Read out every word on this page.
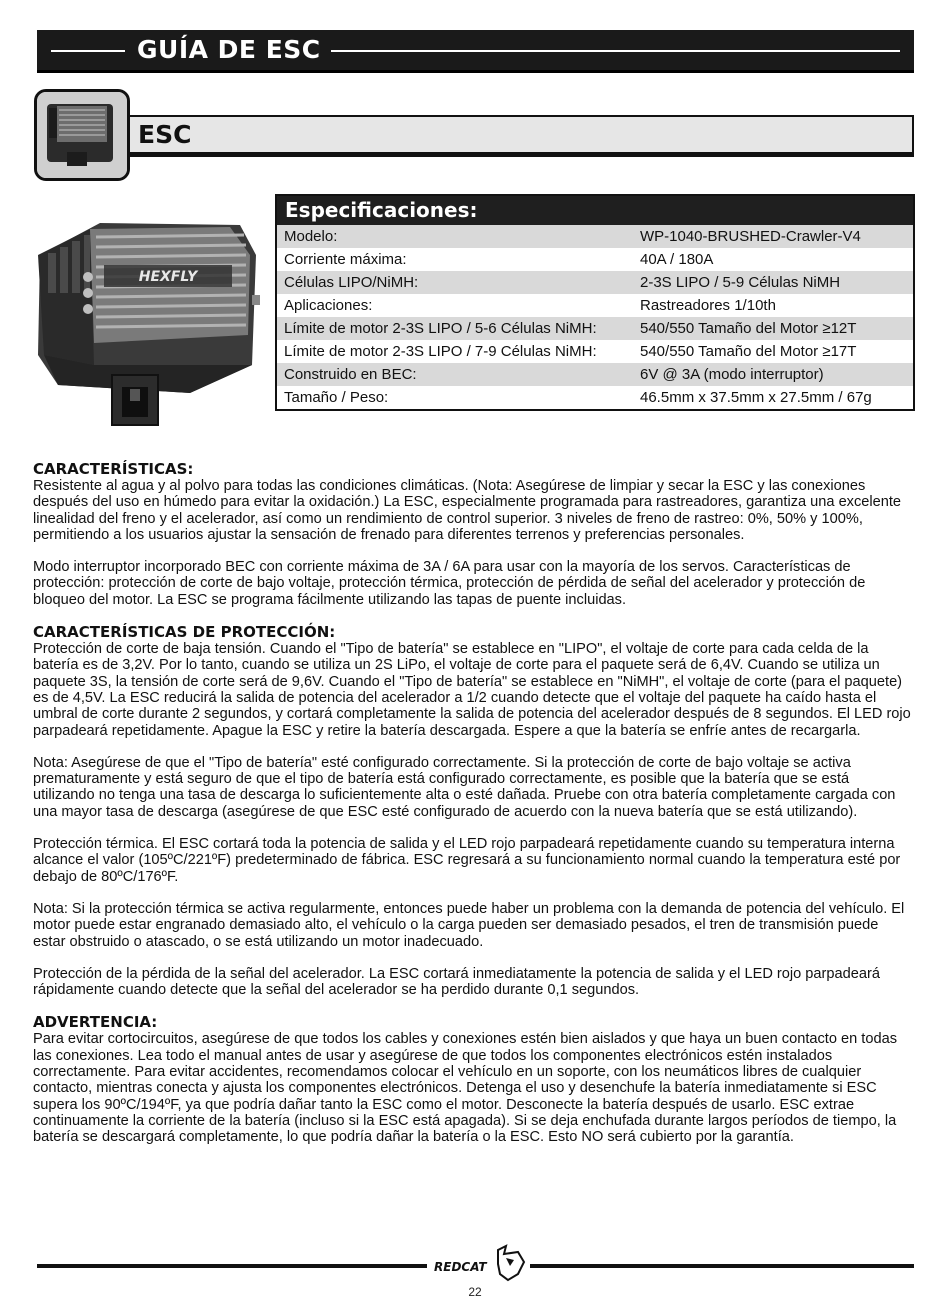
GUÍA DE ESC
ESC
HEXFLY
Especificaciones:
Modelo:	WP-1040-BRUSHED-Crawler-V4
Corriente máxima:	40A / 180A
Células LIPO/NiMH:	2-3S LIPO / 5-9 Células NiMH
Aplicaciones:	Rastreadores 1/10th
Límite de motor 2-3S LIPO / 5-6 Células NiMH:	540/550 Tamaño del Motor ≥12T
Límite de motor 2-3S LIPO / 7-9 Células NiMH:	540/550 Tamaño del Motor ≥17T
Construido en BEC:	6V @ 3A (modo interruptor)
Tamaño / Peso:	46.5mm x 37.5mm x 27.5mm / 67g
CARACTERÍSTICAS:

Resistente al agua y al polvo para todas las condiciones climáticas. (Nota: Asegúrese de limpiar y secar la ESC y las conexiones después del uso en húmedo para evitar la oxidación.) La ESC, especialmente programada para rastreadores, garantiza una excelente linealidad del freno y el acelerador, así como un rendimiento de control superior. 3 niveles de freno de rastreo: 0%, 50% y 100%, permitiendo a los usuarios ajustar la sensación de frenado para diferentes terrenos y preferencias personales.

Modo interruptor incorporado BEC con corriente máxima de 3A / 6A para usar con la mayoría de los servos. Características de protección: protección de corte de bajo voltaje, protección térmica, protección de pérdida de señal del acelerador y protección de bloqueo del motor. La ESC se programa fácilmente utilizando las tapas de puente incluidas.

CARACTERÍSTICAS DE PROTECCIÓN:

Protección de corte de baja tensión. Cuando el "Tipo de batería" se establece en "LIPO", el voltaje de corte para cada celda de la batería es de 3,2V. Por lo tanto, cuando se utiliza un 2S LiPo, el voltaje de corte para el paquete será de 6,4V. Cuando se utiliza un paquete 3S, la tensión de corte será de 9,6V. Cuando el "Tipo de batería" se establece en "NiMH", el voltaje de corte (para el paquete) es de 4,5V. La ESC reducirá la salida de potencia del acelerador a 1/2 cuando detecte que el voltaje del paquete ha caído hasta el umbral de corte durante 2 segundos, y cortará completamente la salida de potencia del acelerador después de 8 segundos. El LED rojo parpadeará repetidamente. Apague la ESC y retire la batería descargada. Espere a que la batería se enfríe antes de recargarla.

Nota: Asegúrese de que el "Tipo de batería" esté configurado correctamente. Si la protección de corte de bajo voltaje se activa prematuramente y está seguro de que el tipo de batería está configurado correctamente, es posible que la batería que se está utilizando no tenga una tasa de descarga lo suficientemente alta o esté dañada. Pruebe con otra batería completamente cargada con una mayor tasa de descarga (asegúrese de que ESC esté configurado de acuerdo con la nueva batería que se está utilizando).

Protección térmica. El ESC cortará toda la potencia de salida y el LED rojo parpadeará repetidamente cuando su temperatura interna alcance el valor (105ºC/221ºF) predeterminado de fábrica. ESC regresará a su funcionamiento normal cuando la temperatura esté por debajo de 80ºC/176ºF.

Nota: Si la protección térmica se activa regularmente, entonces puede haber un problema con la demanda de potencia del vehículo. El motor puede estar engranado demasiado alto, el vehículo o la carga pueden ser demasiado pesados, el tren de transmisión puede estar obstruido o atascado, o se está utilizando un motor inadecuado.

Protección de la pérdida de la señal del acelerador. La ESC cortará inmediatamente la potencia de salida y el LED rojo parpadeará rápidamente cuando detecte que la señal del acelerador se ha perdido durante 0,1 segundos.

ADVERTENCIA:

Para evitar cortocircuitos, asegúrese de que todos los cables y conexiones estén bien aislados y que haya un buen contacto en todas las conexiones. Lea todo el manual antes de usar y asegúrese de que todos los componentes electrónicos estén instalados correctamente. Para evitar accidentes, recomendamos colocar el vehículo en un soporte, con los neumáticos libres de cualquier contacto, mientras conecta y ajusta los componentes electrónicos. Detenga el uso y desenchufe la batería inmediatamente si ESC supera los 90ºC/194ºF, ya que podría dañar tanto la ESC como el motor. Desconecte la batería después de usarlo. ESC extrae continuamente la corriente de la batería (incluso si la ESC está apagada). Si se deja enchufada durante largos períodos de tiempo, la batería se descargará completamente, lo que podría dañar la batería o la ESC. Esto NO será cubierto por la garantía.

REDCAT
22
